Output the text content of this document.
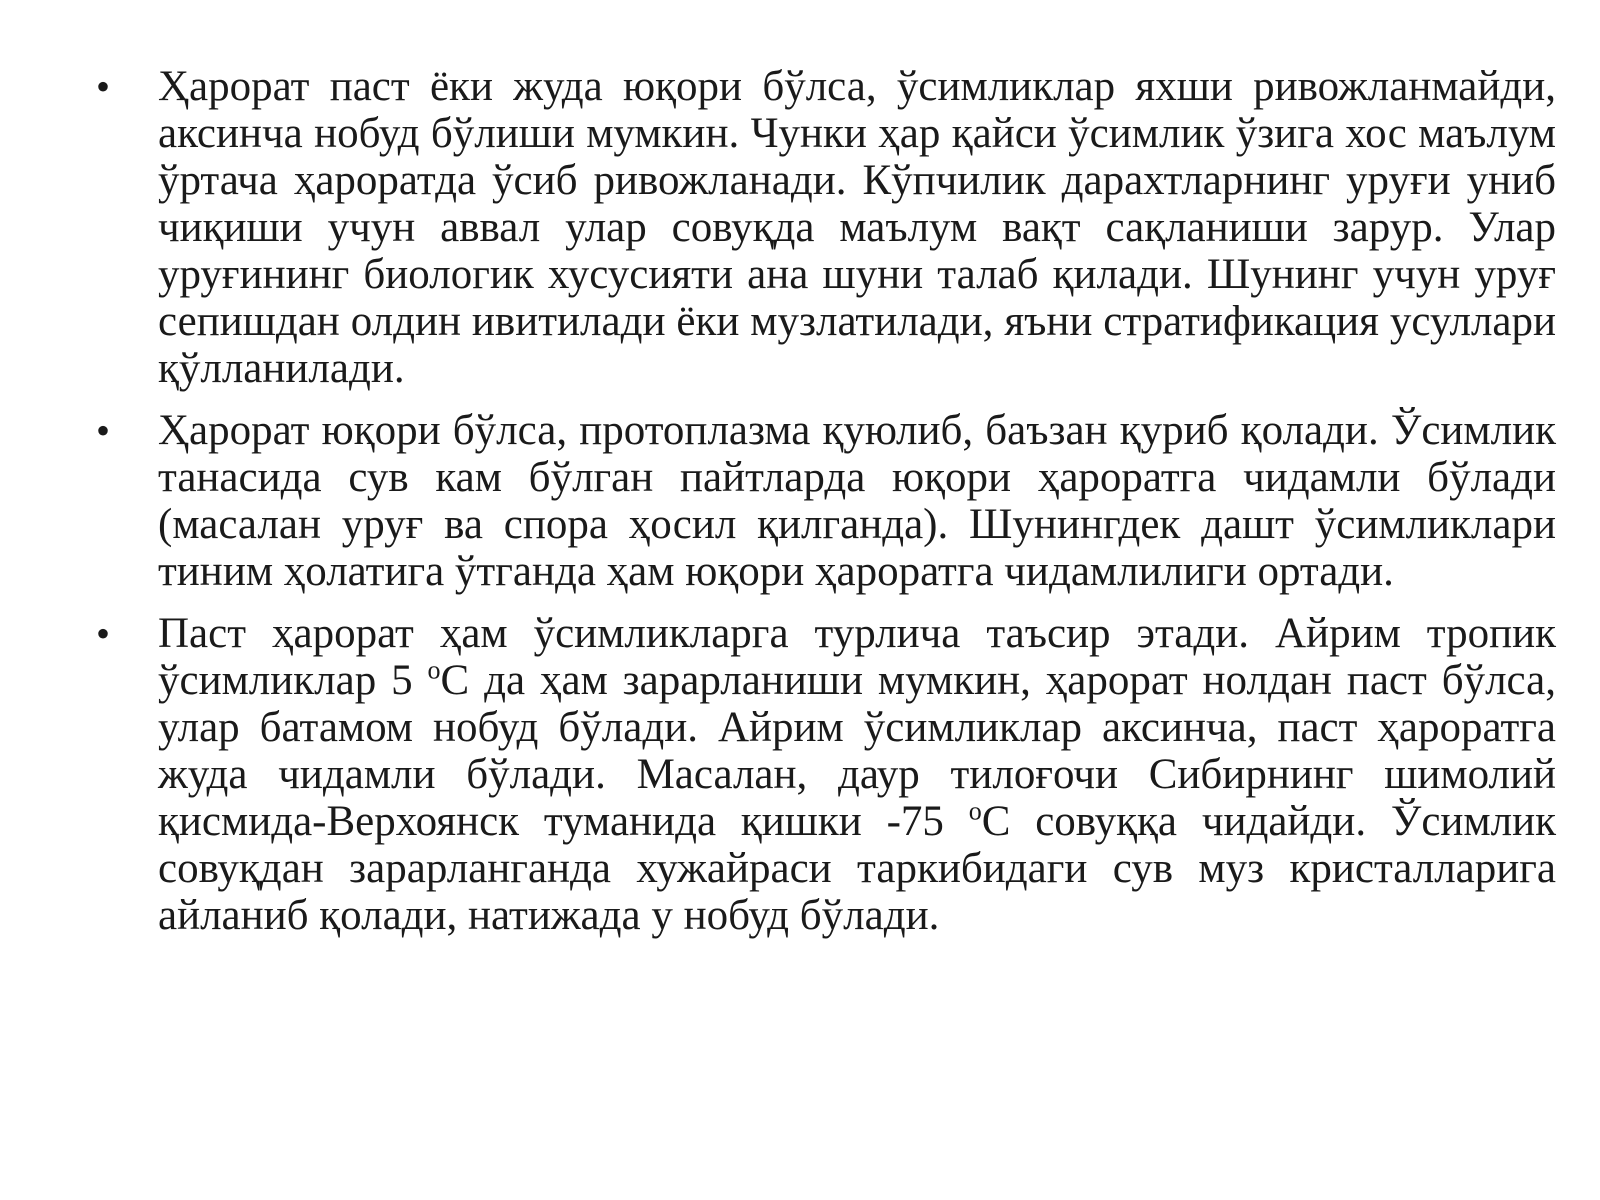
• Ҳарорат паст ёки жуда юқори бўлса, ўсимликлар яхши ривожланмайди, аксинча нобуд бўлиши мумкин. Чунки ҳар қайси ўсимлик ўзига хос маълум ўртача ҳароратда ўсиб ривожланади. Кўпчилик дарахтларнинг уруғи униб чиқиши учун аввал улар совуқда маълум вақт сақланиши зарур. Улар уруғининг биологик хусусияти ана шуни талаб қилади. Шунинг учун уруғ сепишдан олдин ивитилади ёки музлатилади, яъни стратификация усуллари қўлланилади.

• Ҳарорат юқори бўлса, протоплазма қуюлиб, баъзан қуриб қолади. Ўсимлик танасида сув кам бўлган пайтларда юқори ҳароратга чидамли бўлади (масалан уруғ ва спора ҳосил қилганда). Шунингдек дашт ўсимликлари тиним ҳолатига ўтганда ҳам юқори ҳароратга чидамлилиги ортади.

• Паст ҳарорат ҳам ўсимликларга турлича таъсир этади. Айрим тропик ўсимликлар 5 $^о$С да ҳам зарарланиши мумкин, ҳарорат нолдан паст бўлса, улар батамом нобуд бўлади. Айрим ўсимликлар аксинча, паст ҳароратга жуда чидамли бўлади. Масалан, даур тилоғочи Сибирнинг шимолий қисмида-Верхоянск туманида қишки -75 $^о$С совуққа чидайди. Ўсимлик совуқдан зарарланганда хужайраси таркибидаги сув муз кристалларига айланиб қолади, натижада у нобуд бўлади.
